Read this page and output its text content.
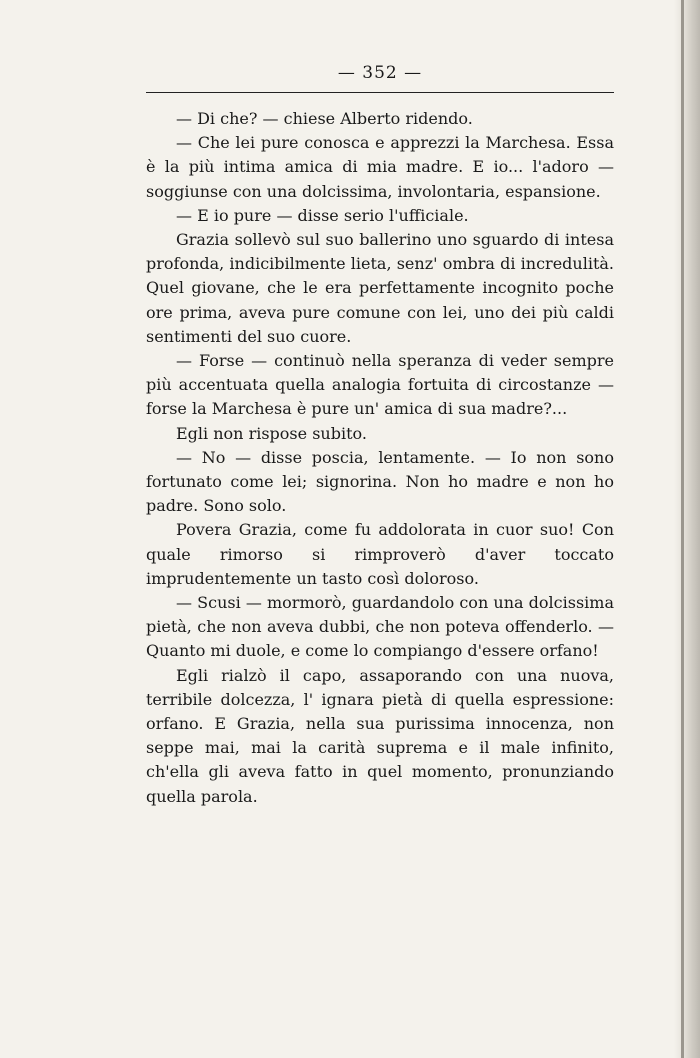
— 352 —

— Di che? — chiese Alberto ridendo.

— Che lei pure conosca e apprezzi la Marchesa. Essa è la più intima amica di mia madre. E io... l'adoro — soggiunse con una dolcissima, involontaria, espansione.

— E io pure — disse serio l'ufficiale.

Grazia sollevò sul suo ballerino uno sguardo di intesa profonda, indicibilmente lieta, senz' ombra di incredulità. Quel giovane, che le era perfettamente incognito poche ore prima, aveva pure comune con lei, uno dei più caldi sentimenti del suo cuore.

— Forse — continuò nella speranza di veder sempre più accentuata quella analogia fortuita di circostanze — forse la Marchesa è pure un' amica di sua madre?...

Egli non rispose subito.

— No — disse poscia, lentamente. — Io non sono fortunato come lei; signorina. Non ho madre e non ho padre. Sono solo.

Povera Grazia, come fu addolorata in cuor suo! Con quale rimorso si rimproverò d'aver toccato imprudentemente un tasto così doloroso.

— Scusi — mormorò, guardandolo con una dolcissima pietà, che non aveva dubbi, che non poteva offenderlo. — Quanto mi duole, e come lo compiango d'essere orfano!

Egli rialzò il capo, assaporando con una nuova, terribile dolcezza, l' ignara pietà di quella espressione: orfano. E Grazia, nella sua purissima innocenza, non seppe mai, mai la carità suprema e il male infinito, ch'ella gli aveva fatto in quel momento, pronunziando quella parola.
